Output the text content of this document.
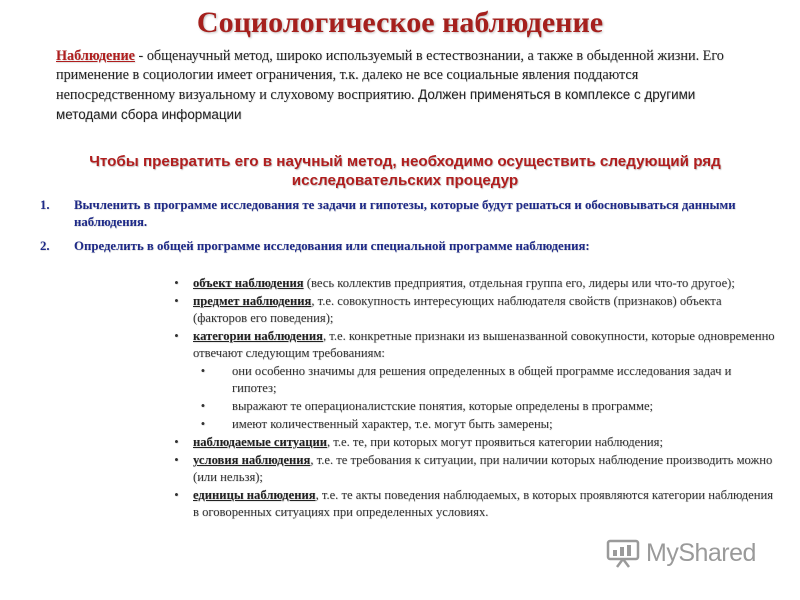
Социологическое наблюдение
Наблюдение - общенаучный метод, широко используемый в естествознании, а также в обыденной жизни. Его применение в социологии имеет ограничения, т.к. далеко не все социальные явления поддаются непосредственному визуальному и слуховому восприятию. Должен применяться в комплексе с другими методами сбора информации
Чтобы превратить его в научный метод, необходимо осуществить следующий ряд исследовательских процедур
1.	Вычленить в программе исследования те задачи и гипотезы, которые будут решаться и обосновываться данными наблюдения.
2.	Определить в общей программе исследования или специальной программе наблюдения:
•	объект наблюдения (весь коллектив предприятия, отдельная группа его, лидеры или что-то другое);
•	предмет наблюдения, т.е. совокупность интересующих наблюдателя свойств (признаков) объекта (факторов его поведения);
•	категории наблюдения, т.е. конкретные признаки из вышеназванной совокупности, которые одновременно отвечают следующим требованиям:
• они особенно значимы для решения определенных в общей программе исследования задач и гипотез;
• выражают те операционалистские понятия, которые определены в программе;
• имеют количественный характер, т.е. могут быть замерены;
•	наблюдаемые ситуации, т.е. те, при которых могут проявиться категории наблюдения;
•	условия наблюдения, т.е. те требования к ситуации, при наличии которых наблюдение производить можно (или нельзя);
•	единицы наблюдения, т.е. те акты поведения наблюдаемых, в которых проявляются категории наблюдения в оговоренных ситуациях при определенных условиях.
MyShared
